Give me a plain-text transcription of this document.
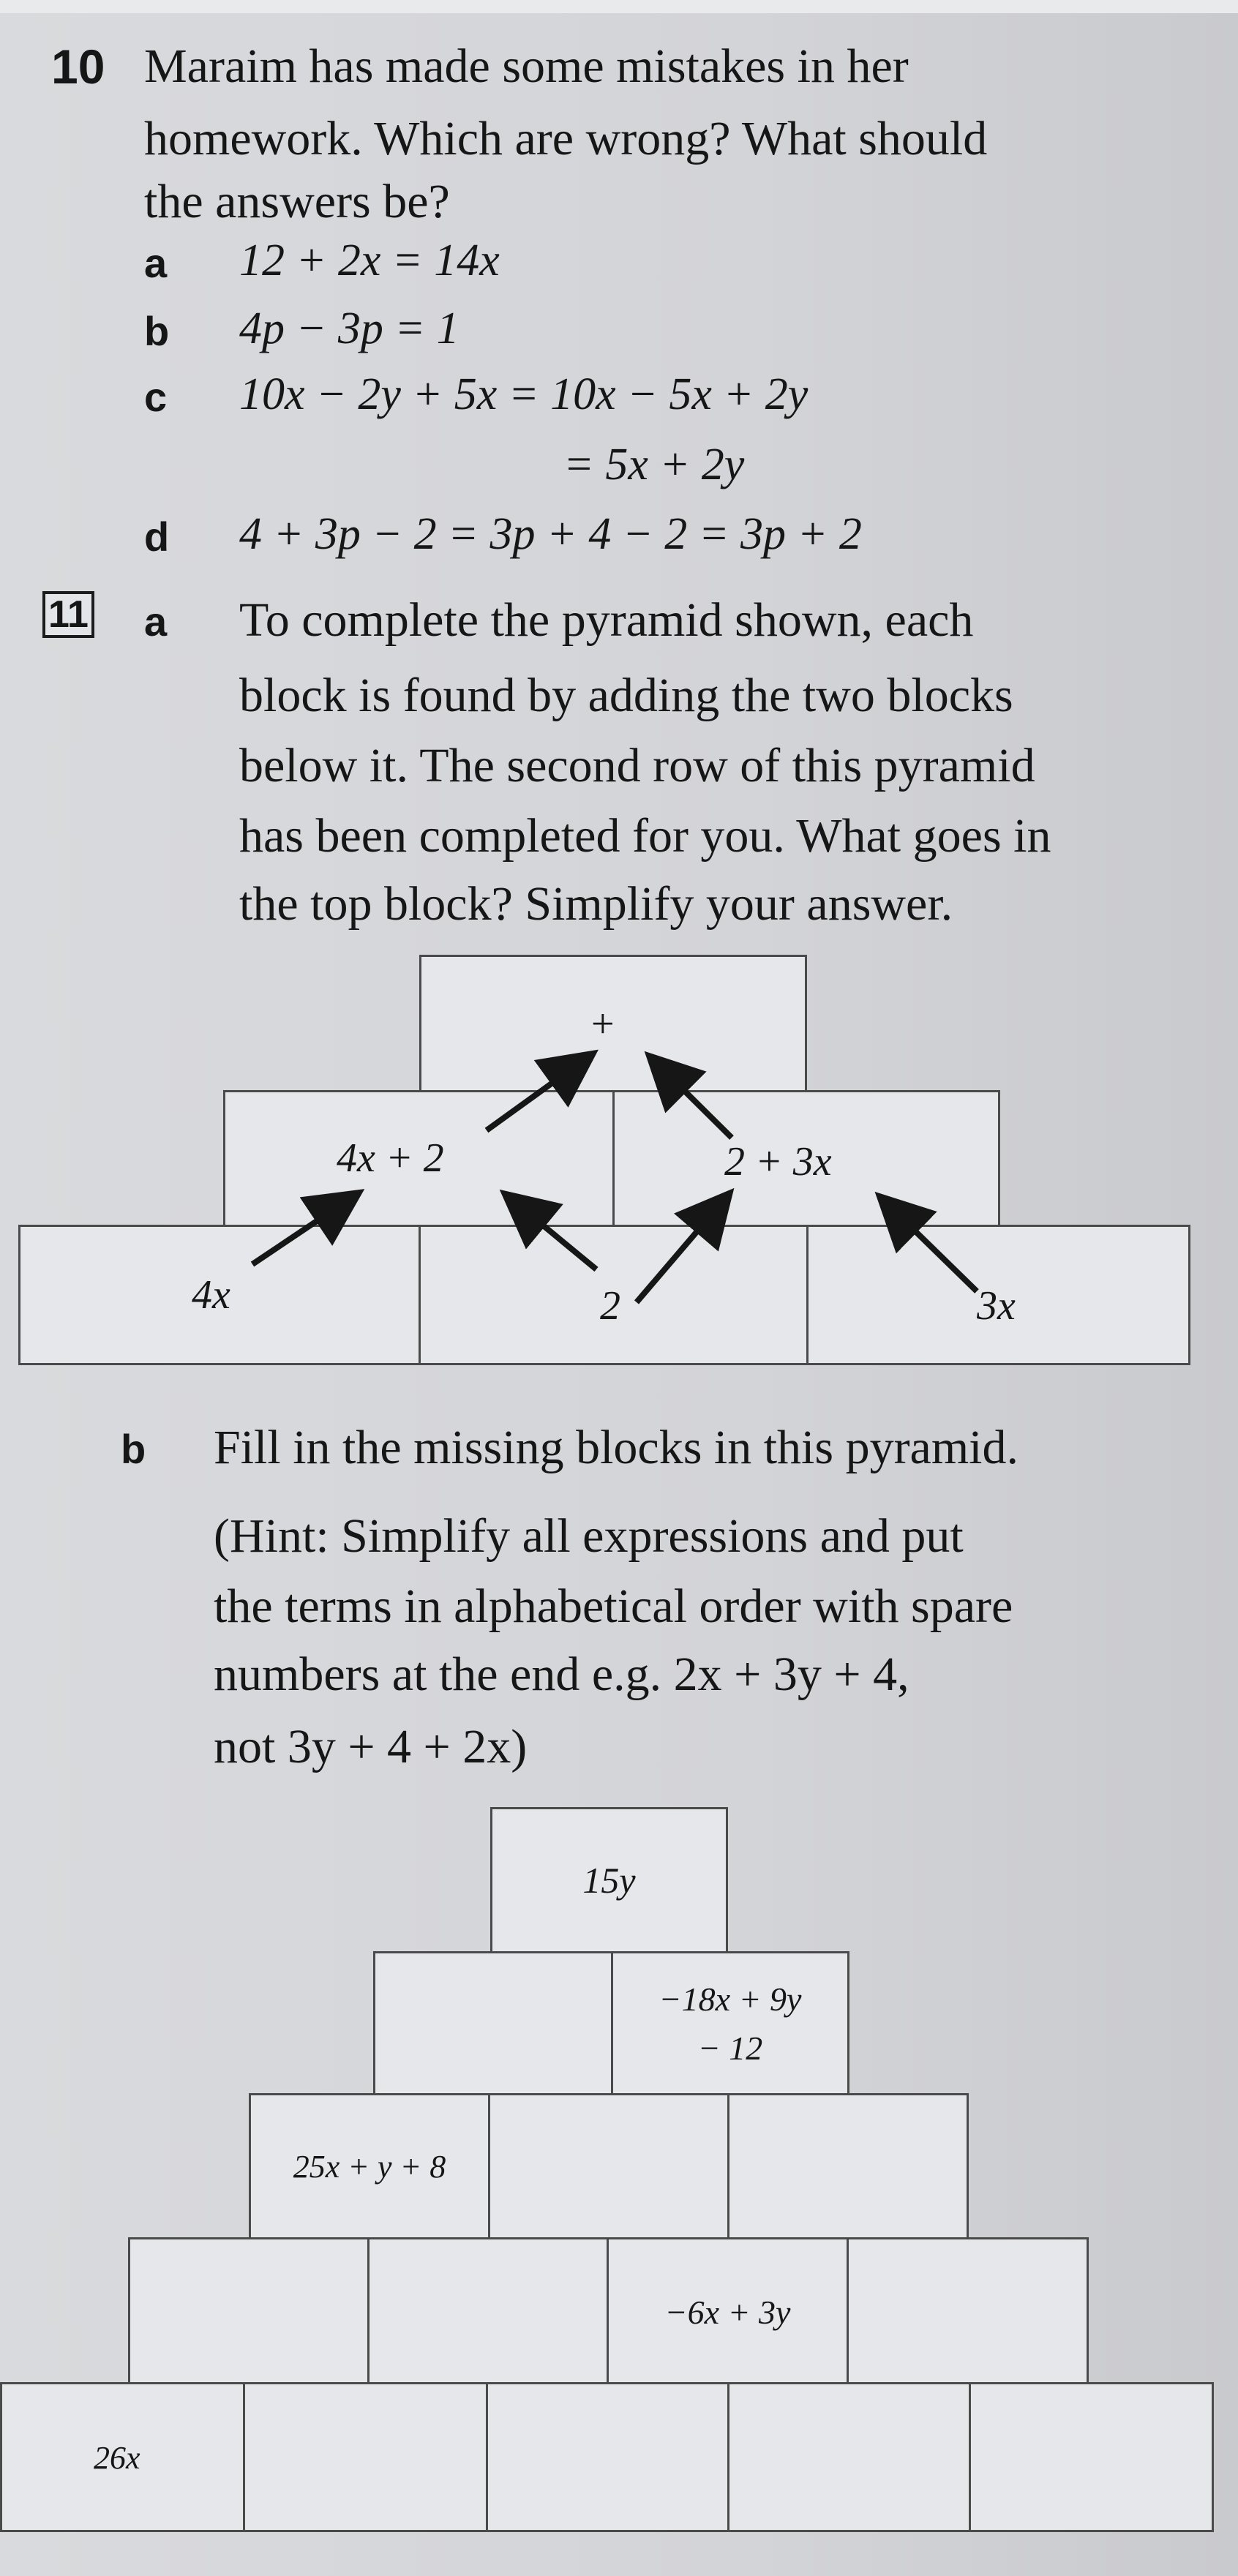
10 Maraim has made some mistakes in her
homework. Which are wrong? What should
the answers be?
a 12 + 2x = 14x
b 4p − 3p = 1
c 10x − 2y + 5x = 10x − 5x + 2y
= 5x + 2y
d 4 + 3p − 2 = 3p + 4 − 2 = 3p + 2
11 a To complete the pyramid shown, each
block is found by adding the two blocks
below it. The second row of this pyramid
has been completed for you. What goes in
the top block? Simplify your answer.
+
4x + 2	2 + 3x
4x	2	3x
b Fill in the missing blocks in this pyramid.
(Hint: Simplify all expressions and put
the terms in alphabetical order with spare
numbers at the end e.g. 2x + 3y + 4,
not 3y + 4 + 2x)
15y
−18x + 9y
− 12
25x + y + 8
−6x + 3y
26x
